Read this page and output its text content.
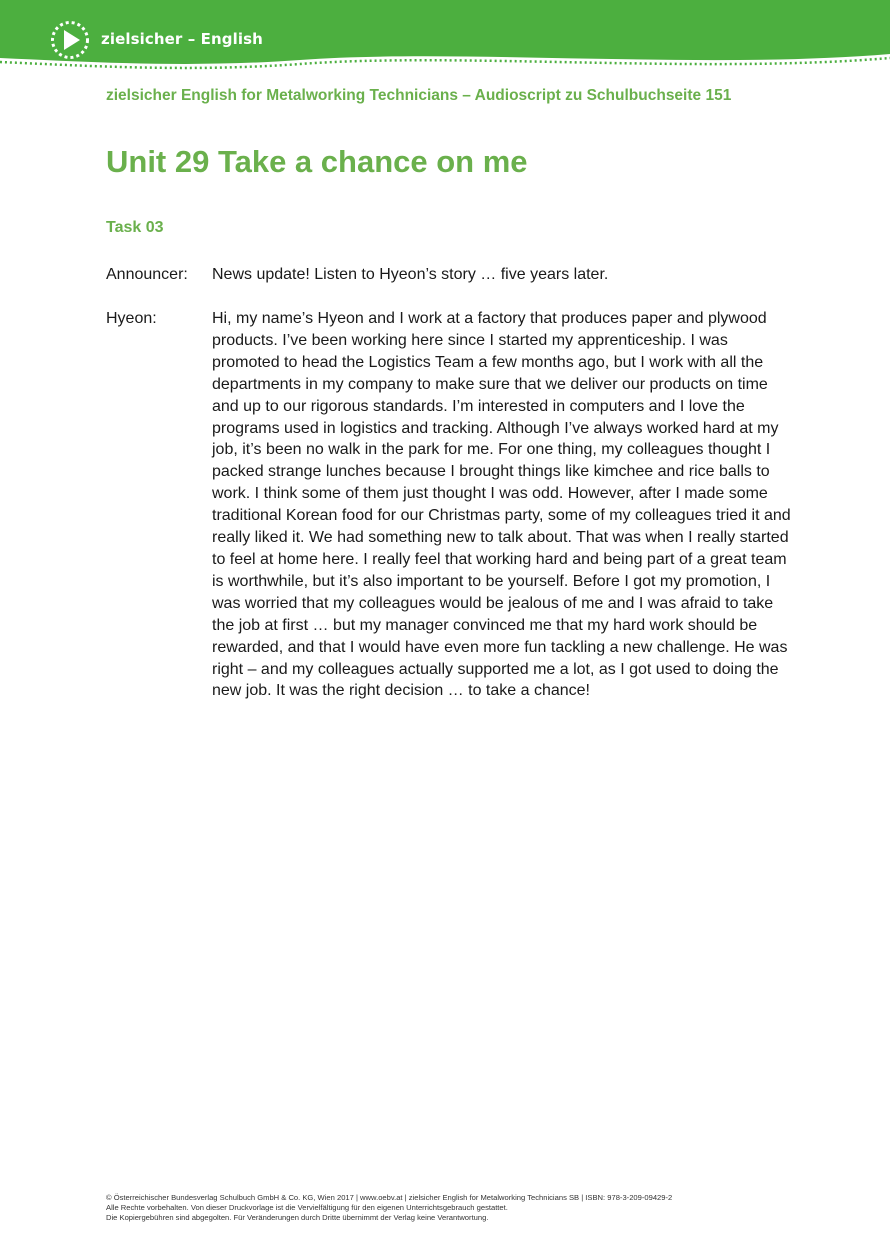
zielsicher – English
zielsicher English for Metalworking Technicians – Audioscript zu Schulbuchseite 151
Unit 29 Take a chance on me
Task 03
Announcer:	News update! Listen to Hyeon’s story … five years later.
Hyeon:	Hi, my name’s Hyeon and I work at a factory that produces paper and plywood products. I’ve been working here since I started my apprenticeship. I was promoted to head the Logistics Team a few months ago, but I work with all the departments in my company to make sure that we deliver our products on time and up to our rigorous standards. I’m interested in computers and I love the programs used in logistics and tracking. Although I’ve always worked hard at my job, it’s been no walk in the park for me. For one thing, my colleagues thought I packed strange lunches because I brought things like kimchee and rice balls to work. I think some of them just thought I was odd. However, after I made some traditional Korean food for our Christmas party, some of my colleagues tried it and really liked it. We had something new to talk about. That was when I really started to feel at home here. I really feel that working hard and being part of a great team is worthwhile, but it’s also important to be yourself. Before I got my promotion, I was worried that my colleagues would be jealous of me and I was afraid to take the job at first … but my manager convinced me that my hard work should be rewarded, and that I would have even more fun tackling a new challenge. He was right – and my colleagues actually supported me a lot, as I got used to doing the new job. It was the right decision … to take a chance!
© Österreichischer Bundesverlag Schulbuch GmbH & Co. KG, Wien 2017 | www.oebv.at | zielsicher English for Metalworking Technicians SB | ISBN: 978-3-209-09429-2
Alle Rechte vorbehalten. Von dieser Druckvorlage ist die Vervielfältigung für den eigenen Unterrichtsgebrauch gestattet.
Die Kopiergebühren sind abgegolten. Für Veränderungen durch Dritte übernimmt der Verlag keine Verantwortung.
